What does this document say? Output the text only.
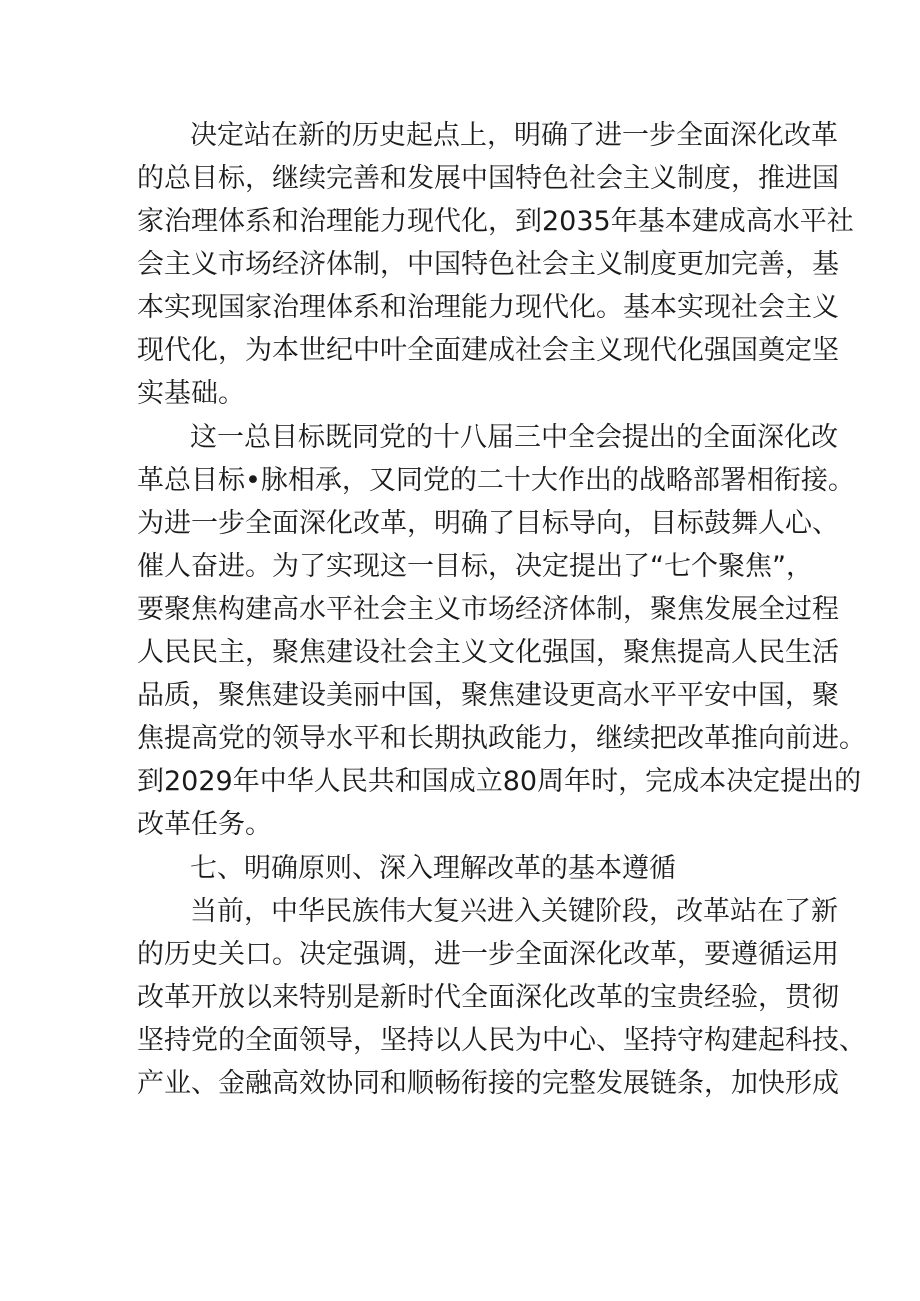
决定站在新的历史起点上，明确了进一步全面深化改革
的总目标，继续完善和发展中国特色社会主义制度，推进国
家治理体系和治理能力现代化，到2035年基本建成高水平社
会主义市场经济体制，中国特色社会主义制度更加完善，基
本实现国家治理体系和治理能力现代化。基本实现社会主义
现代化，为本世纪中叶全面建成社会主义现代化强国奠定坚
实基础。
这一总目标既同党的十八届三中全会提出的全面深化改
革总目标•脉相承，又同党的二十大作出的战略部署相衔接。
为进一步全面深化改革，明确了目标导向，目标鼓舞人心、
催人奋进。为了实现这一目标，决定提出了“七个聚焦”，
要聚焦构建高水平社会主义市场经济体制，聚焦发展全过程
人民民主，聚焦建设社会主义文化强国，聚焦提高人民生活
品质，聚焦建设美丽中国，聚焦建设更高水平平安中国，聚
焦提高党的领导水平和长期执政能力，继续把改革推向前进。
到2029年中华人民共和国成立80周年时，完成本决定提出的
改革任务。
七、明确原则、深入理解改革的基本遵循
当前，中华民族伟大复兴进入关键阶段，改革站在了新
的历史关口。决定强调，进一步全面深化改革，要遵循运用
改革开放以来特别是新时代全面深化改革的宝贵经验，贯彻
坚持党的全面领导，坚持以人民为中心、坚持守构建起科技、
产业、金融高效协同和顺畅衔接的完整发展链条，加快形成
